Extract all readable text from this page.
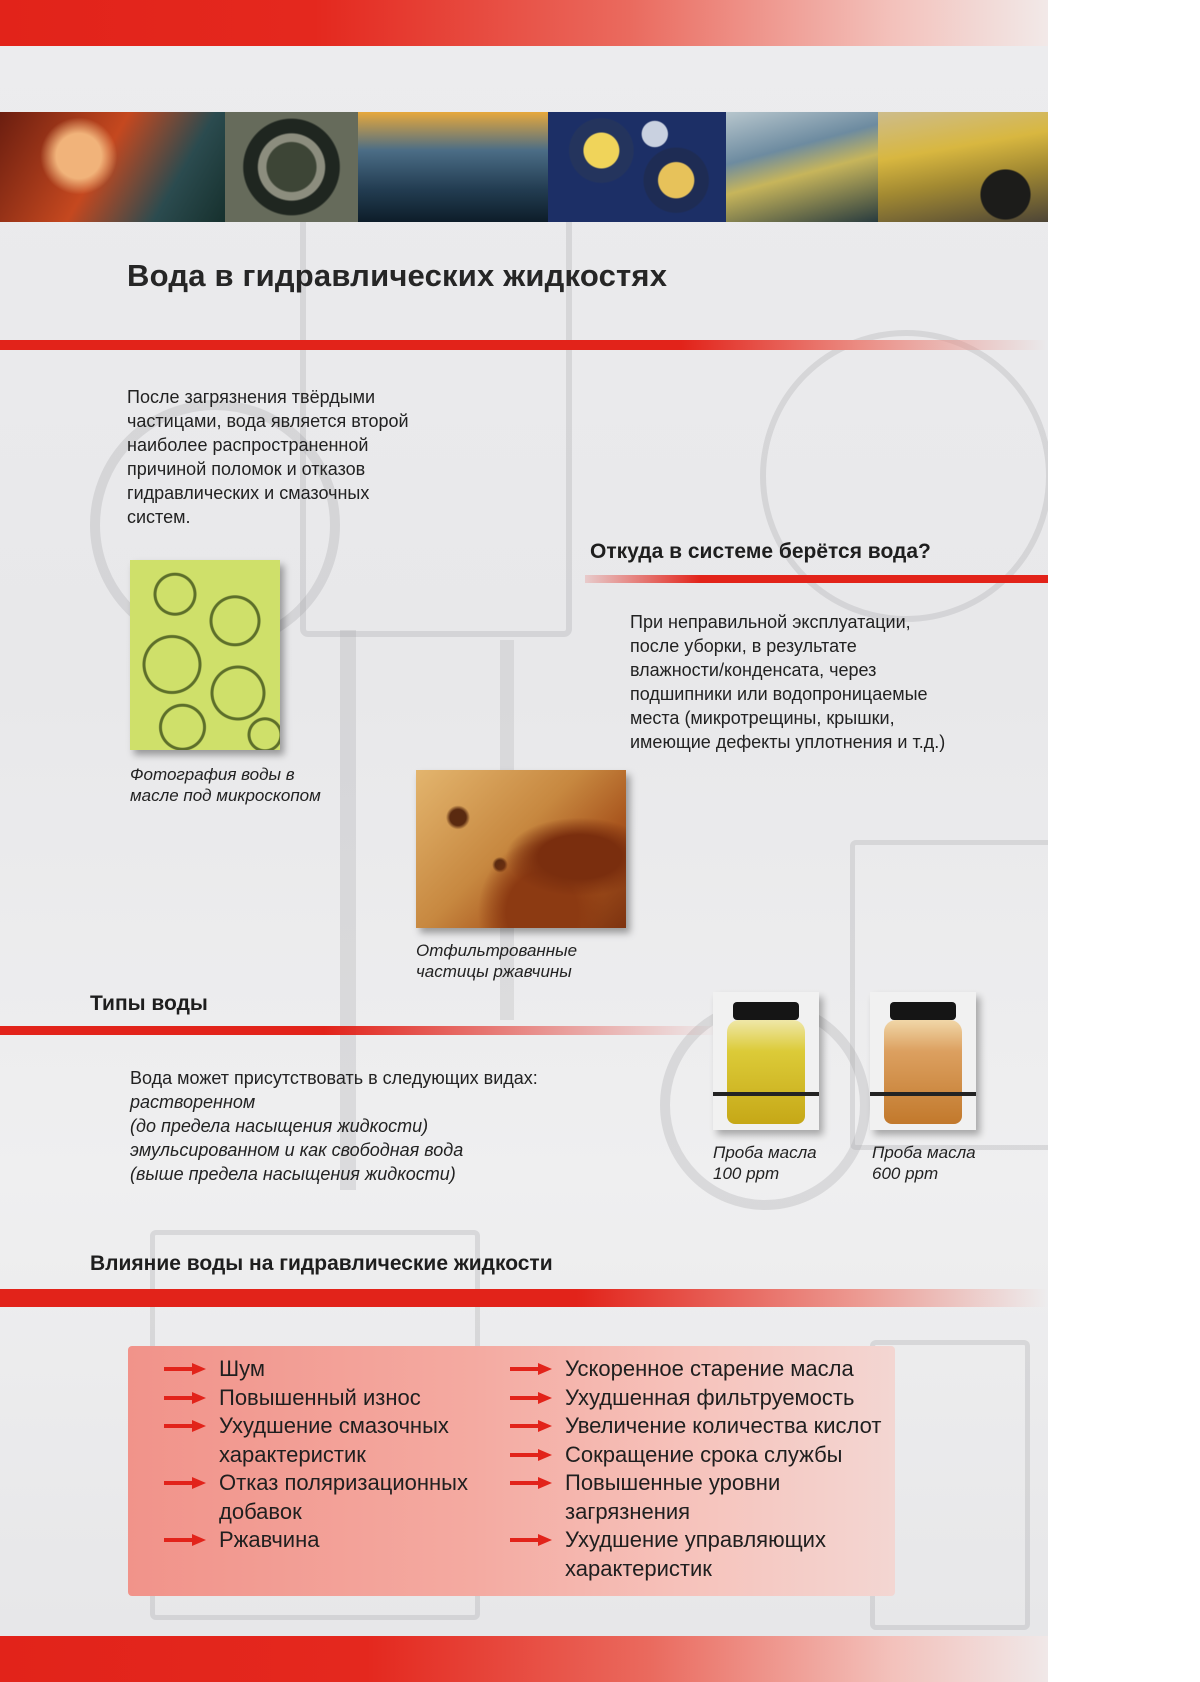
Вода в гидравлических жидкостях

После загрязнения твёрдыми
частицами, вода является второй
наиболее распространенной
причиной поломок и отказов
гидравлических и смазочных
систем.

Откуда в системе берётся вода?

При неправильной эксплуатации,
после уборки, в результате
влажности/конденсата, через
подшипники или водопроницаемые
места (микротрещины, крышки,
имеющие дефекты уплотнения и т.д.)

Фотография воды в
масле под микроскопом

Отфильтрованные
частицы ржавчины

Типы воды

Вода может присутствовать в следующих видах:

растворенном
(до предела насыщения жидкости)
эмульсированном и как свободная вода
(выше предела насыщения жидкости)

Проба масла
100 ppm

Проба масла
600 ppm

Влияние воды на гидравлические жидкости
Шум
Повышенный износ
Ухудшение смазочных характеристик
Отказ поляризационных добавок
Ржавчина
Ускоренное старение масла
Ухудшенная фильтруемость
Увеличение количества кислот
Сокращение срока службы
Повышенные уровни загрязнения
Ухудшение управляющих характеристик
